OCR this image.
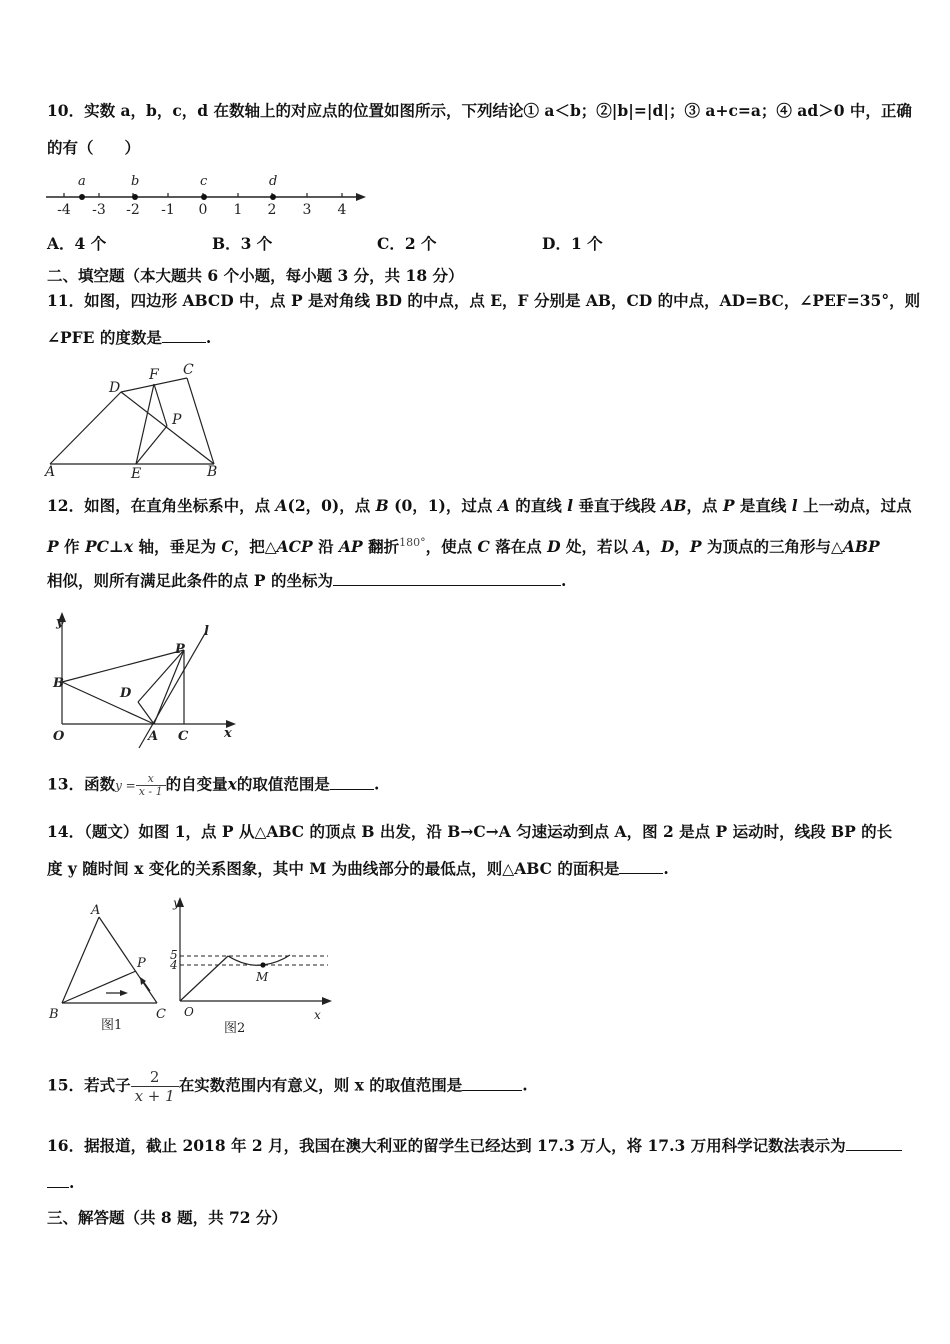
10．实数 a，b，c，d 在数轴上的对应点的位置如图所示，下列结论① a＜b；②|b|=|d|；③ a+c=a；④ ad＞0 中，正确
的有（　　）
a	b	c	d
-4 -3 -2 -1 0 1 2 3 4
A．4 个	B．3 个	C．2 个	D．1 个
二、填空题（本大题共 6 个小题，每小题 3 分，共 18 分）
11．如图，四边形 ABCD 中，点 P 是对角线 BD 的中点，点 E，F 分别是 AB，CD 的中点，AD=BC，∠PEF=35°，则
∠PFE 的度数是	.
D
F C
P
A	E	B
12．如图，在直角坐标系中，点 A(2，0)，点 B (0，1)，过点 A 的直线 l 垂直于线段 AB，点 P 是直线 l 上一动点，过点
P 作 PC⊥x 轴，垂足为 C，把△ACP 沿 AP 翻折$^{180^\circ}$，使点 C 落在点 D 处，若以 A，D，P 为顶点的三角形与△ABP
相似，则所有满足此条件的点 P 的坐标为	.
y
l
P
B
D
O	A C	x
13．函数$y = \frac{x}{x - 1}$ 的自变量x的取值范围是	.
14．（题文）如图 1，点 P 从△ABC 的顶点 B 出发，沿 B→C→A 匀速运动到点 A，图 2 是点 P 运动时，线段 BP 的长
度 y 随时间 x 变化的关系图象，其中 M 为曲线部分的最低点，则△ABC 的面积是	.
A
P
B	C
图1
y
5
4
M
O	x
图2
15．若式子 $\frac{2}{x + 1}$ 在实数范围内有意义，则 x 的取值范围是	.
16．据报道，截止 2018 年 2 月，我国在澳大利亚的留学生已经达到 17.3 万人，将 17.3 万用科学记数法表示为
.
三、解答题（共 8 题，共 72 分）
